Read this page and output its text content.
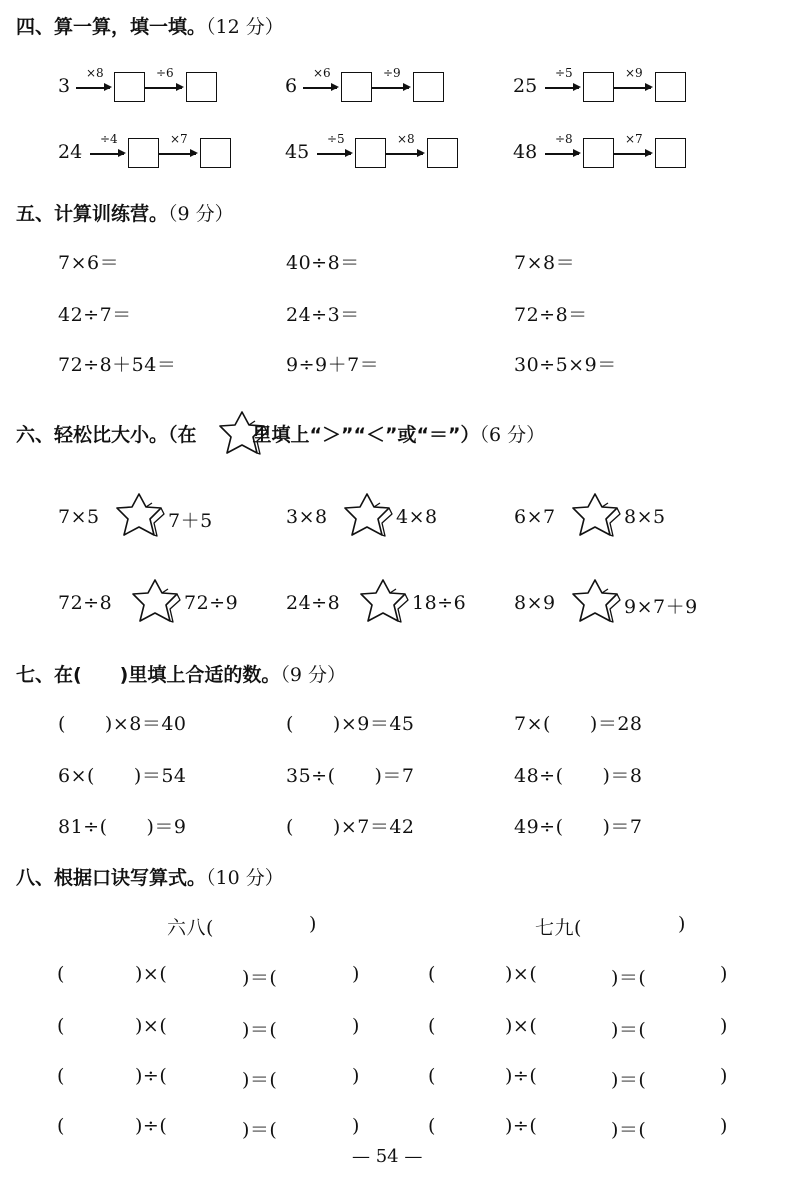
四、算一算，填一填。（12 分）
3
×8	÷6
6
×6	÷9
25
÷5	×9
24
÷4	×7
45
÷5	×8
48
÷8	×7
五、计算训练营。（9 分）
7×6＝	40÷8＝	7×8＝
42÷7＝	24÷3＝	72÷8＝
72÷8＋54＝	9÷9＋7＝	30÷5×9＝
六、轻松比大小。（在	里填上“＞”“＜”或“＝”）（6 分）
7×5	7＋5	3×8	4×8	6×7	8×5
72÷8	72÷9	24÷8	18÷6	8×9	9×7＋9
七、在(　　)里填上合适的数。（9 分）
(　　)×8＝40	(　　)×9＝45	7×(　　)＝28
6×(　　)＝54	35÷(　　)＝7	48÷(　　)＝8
81÷(　　)＝9	(　　)×7＝42	49÷(　　)＝7
八、根据口诀写算式。（10 分）
六八(	)	七九(	)
(	)×(	)＝(	)	(	)×(	)＝(	)
(	)×(	)＝(	)	(	)×(	)＝(	)
(	)÷(	)＝(	)	(	)÷(	)＝(	)
(	)÷(	)＝(	)	(	)÷(	)＝(	)
— 54 —
